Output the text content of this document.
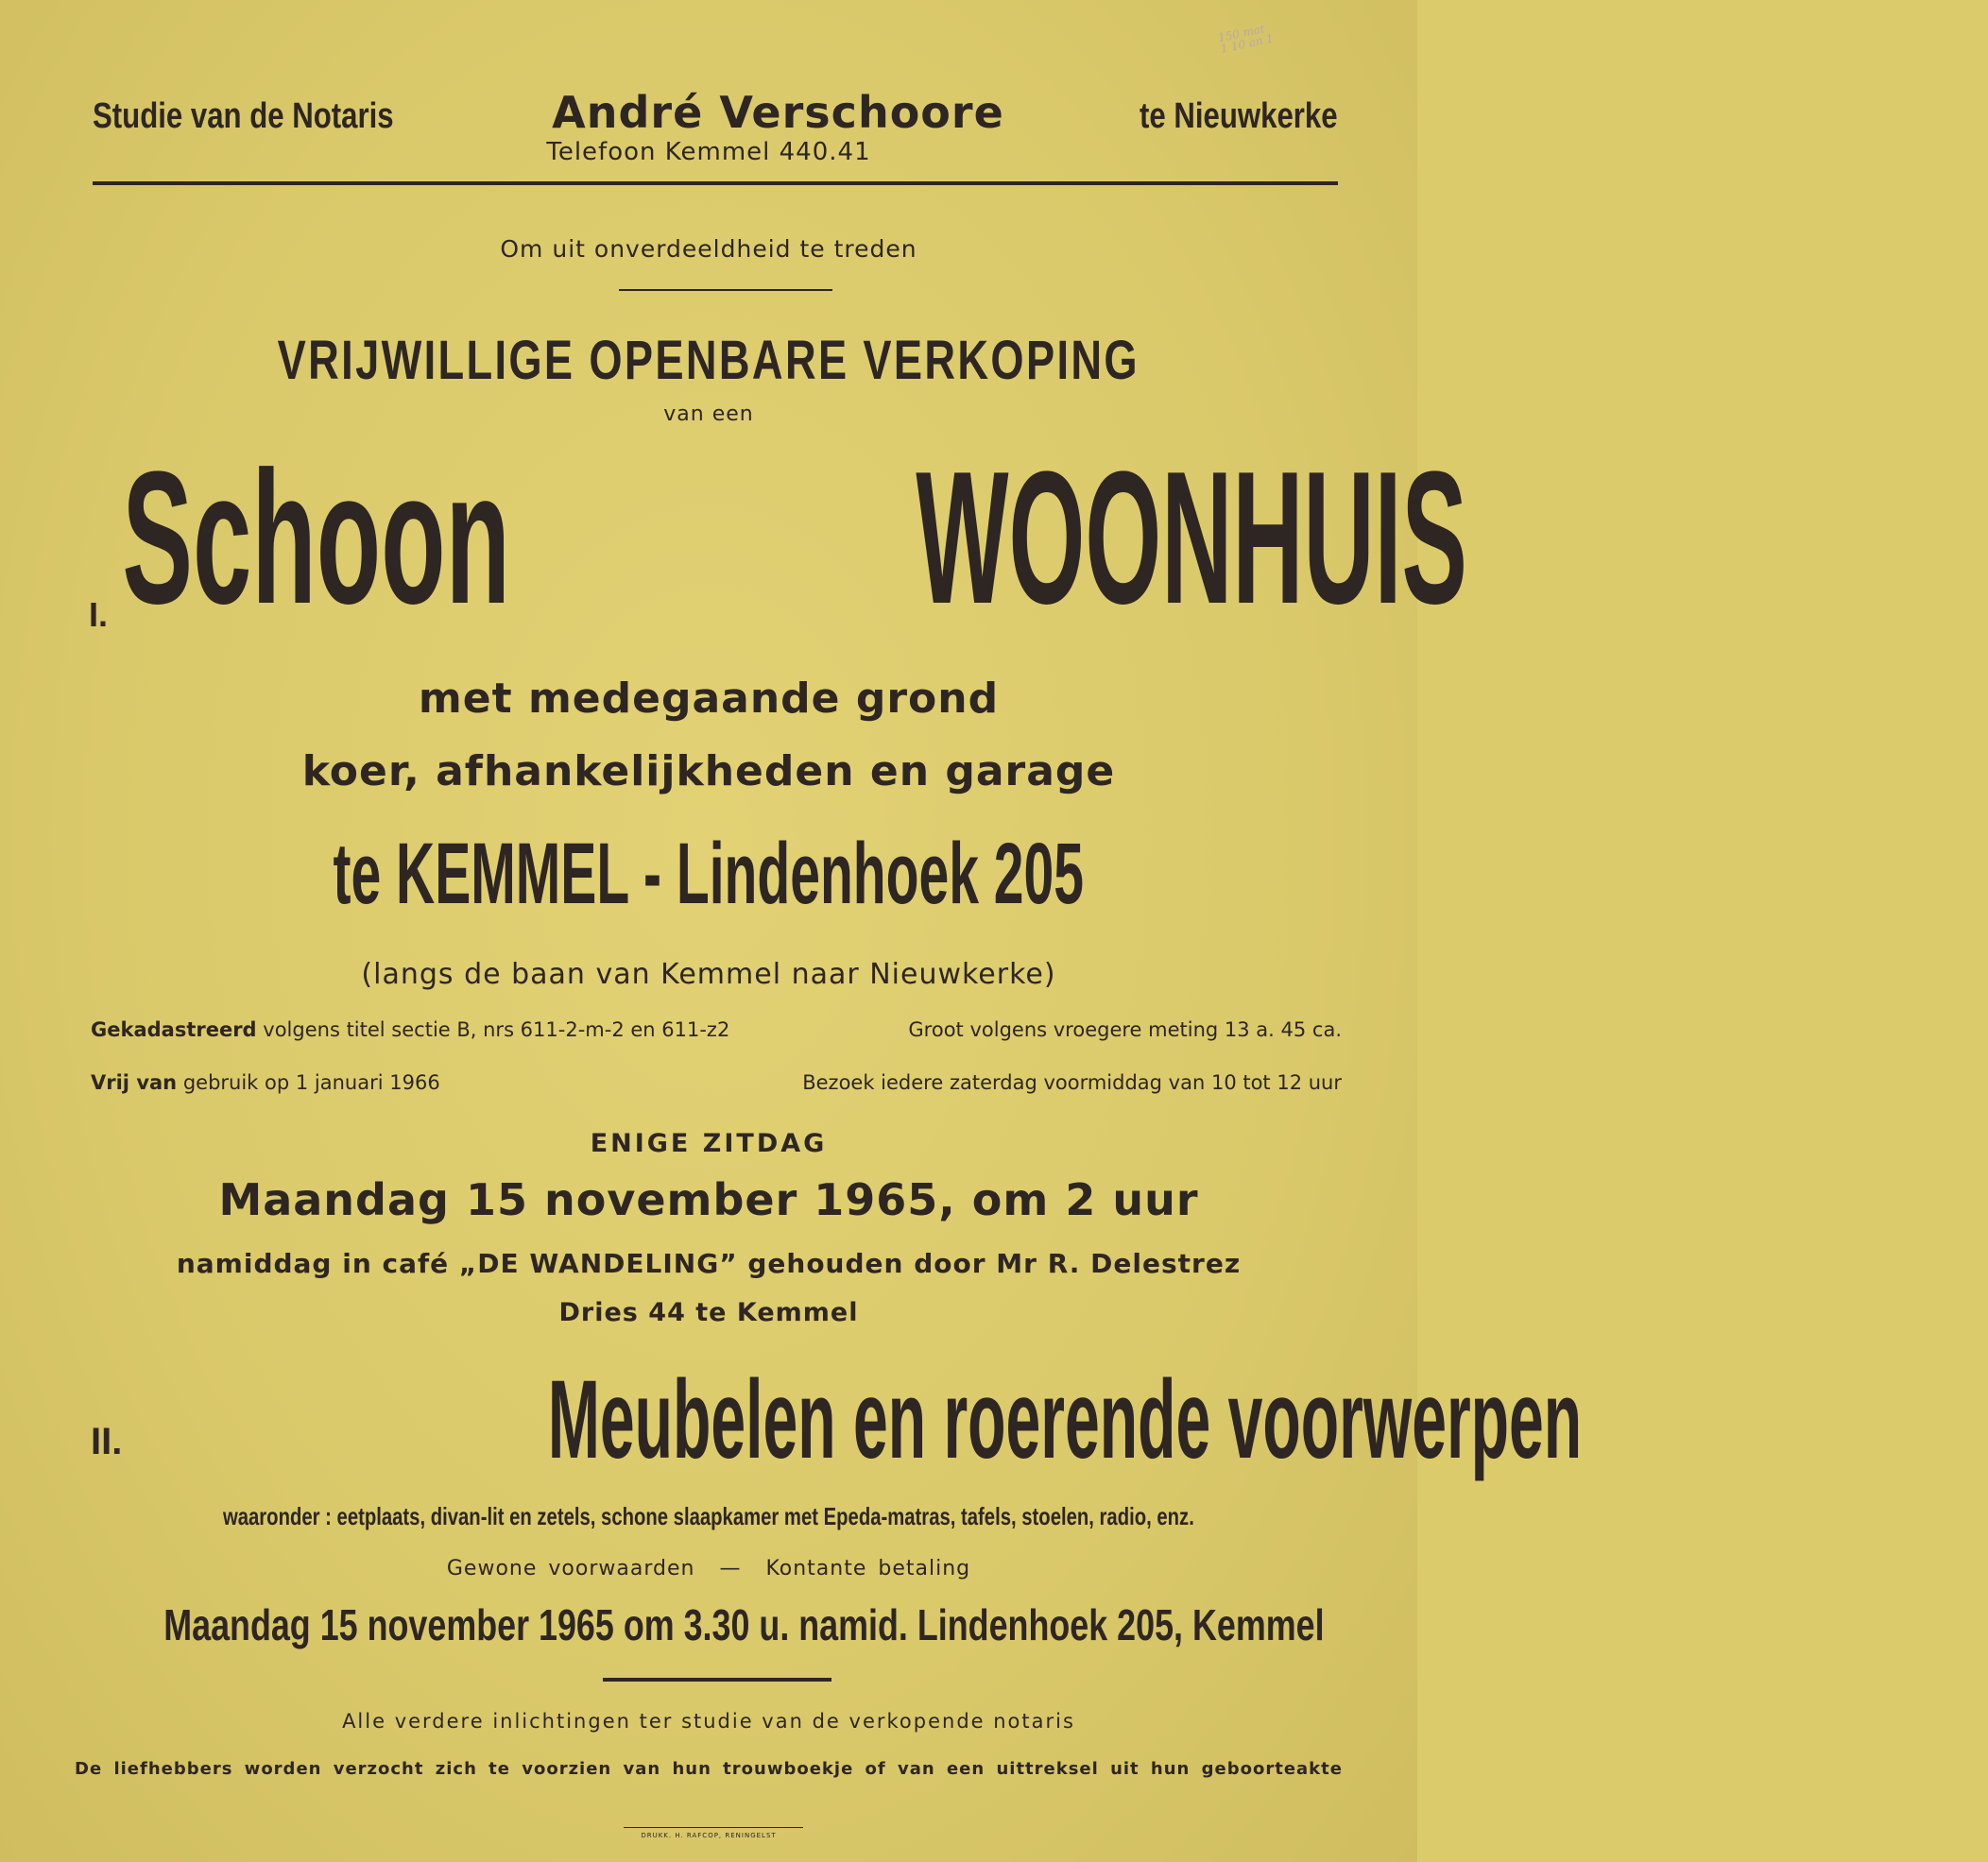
150 mat 1 10 an 1
Studie van de Notaris	André Verschoore	te Nieuwkerke
Telefoon Kemmel 440.41
Om uit onverdeeldheid te treden
VRIJWILLIGE OPENBARE VERKOPING
van een
I. Schoon	WOONHUIS
met medegaande grond
koer, afhankelijkheden en garage
te KEMMEL - Lindenhoek 205
(langs de baan van Kemmel naar Nieuwkerke)
Gekadastreerd volgens titel sectie B, nrs 611-2-m-2 en 611-z2	Groot volgens vroegere meting 13 a. 45 ca.
Vrij van gebruik op 1 januari 1966	Bezoek iedere zaterdag voormiddag van 10 tot 12 uur
ENIGE ZITDAG
Maandag 15 november 1965, om 2 uur
namiddag in café „DE WANDELING” gehouden door Mr R. Delestrez
Dries 44 te Kemmel
II.	Meubelen en roerende voorwerpen
waaronder : eetplaats, divan-lit en zetels, schone slaapkamer met Epeda-matras, tafels, stoelen, radio, enz.
Gewone voorwaarden — Kontante betaling
Maandag 15 november 1965 om 3.30 u. namid. Lindenhoek 205, Kemmel
Alle verdere inlichtingen ter studie van de verkopende notaris
De liefhebbers worden verzocht zich te voorzien van hun trouwboekje of van een uittreksel uit hun geboorteakte
DRUKK. H. RAFCOP, RENINGELST
